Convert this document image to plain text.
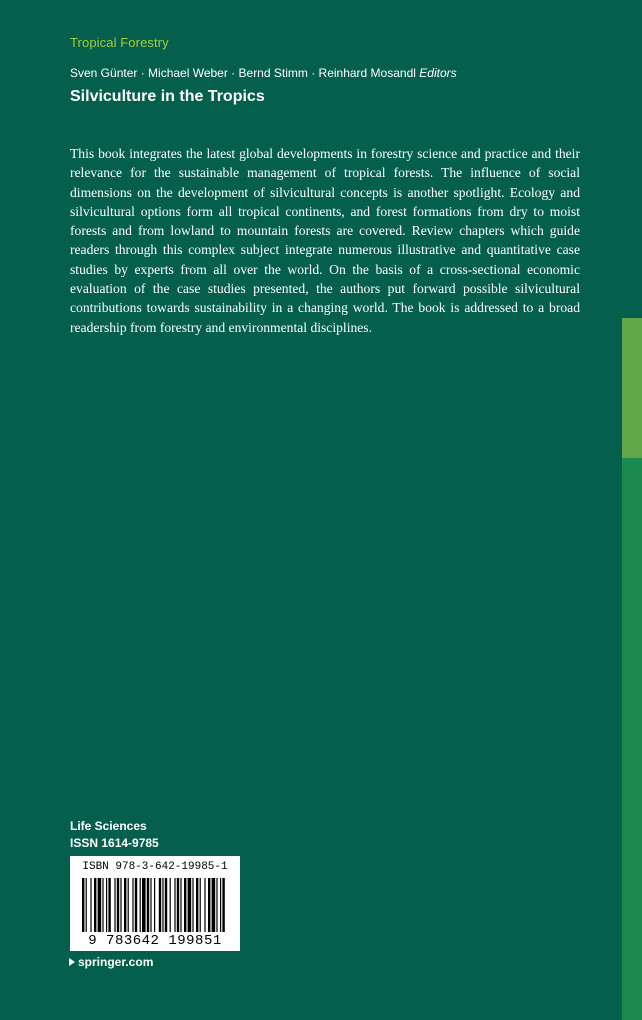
Tropical Forestry
Sven Günter · Michael Weber · Bernd Stimm · Reinhard Mosandl Editors
Silviculture in the Tropics

This book integrates the latest global developments in forestry science and practice and their relevance for the sustainable management of tropical forests. The influence of social dimensions on the development of silvicultural concepts is another spotlight. Ecology and silvicultural options form all tropical continents, and forest formations from dry to moist forests and from lowland to mountain forests are covered. Review chapters which guide readers through this complex subject integrate numerous illustrative and quantitative case studies by experts from all over the world. On the basis of a cross-sectional economic evaluation of the case studies presented, the authors put forward possible silvicultural contributions towards sustainability in a changing world. The book is addressed to a broad readership from forestry and environmental disciplines.

Life Sciences
ISSN 1614-9785
ISBN 978-3-642-19985-1
9 783642 199851
springer.com
